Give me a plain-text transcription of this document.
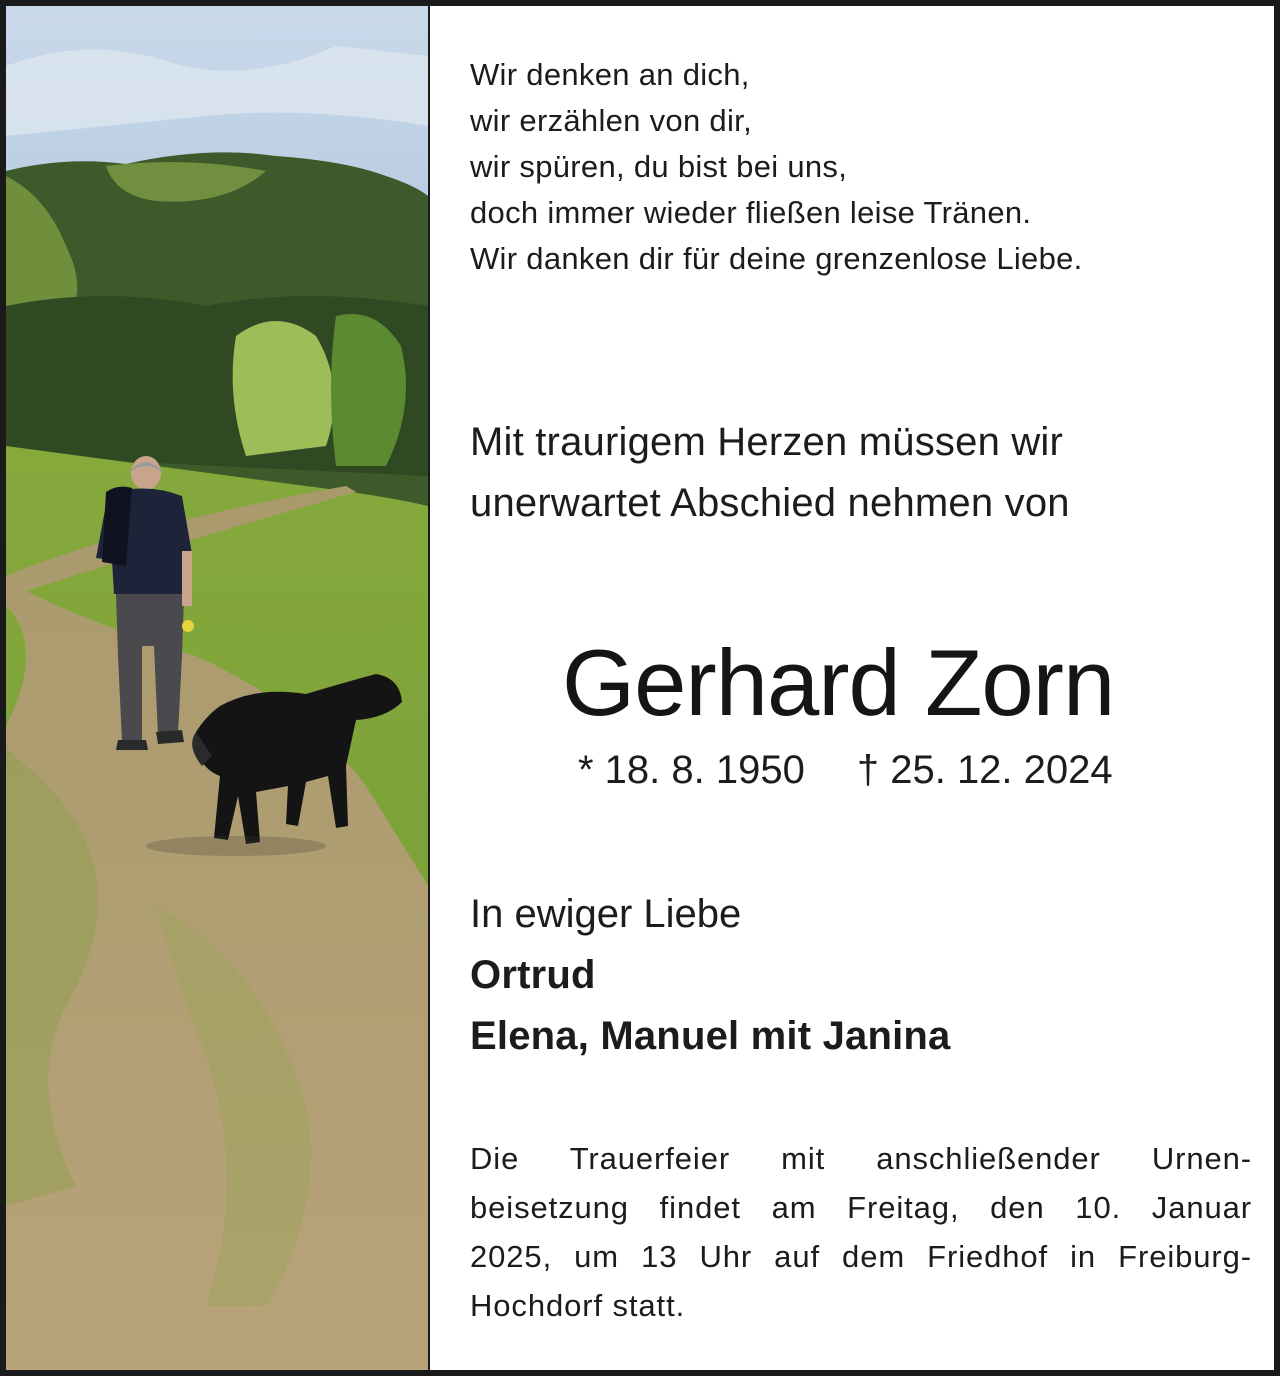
Wir denken an dich,
wir erzählen von dir,
wir spüren, du bist bei uns,
doch immer wieder fließen leise Tränen.
Wir danken dir für deine grenzenlose Liebe.
Mit traurigem Herzen müssen wir
unerwartet Abschied nehmen von
Gerhard Zorn
* 18. 8. 1950 † 25. 12. 2024
In ewiger Liebe
Ortrud
Elena, Manuel mit Janina
Die Trauerfeier mit anschließender Urnen-
beisetzung findet am Freitag, den 10. Januar
2025, um 13 Uhr auf dem Friedhof in Freiburg-
Hochdorf statt.
